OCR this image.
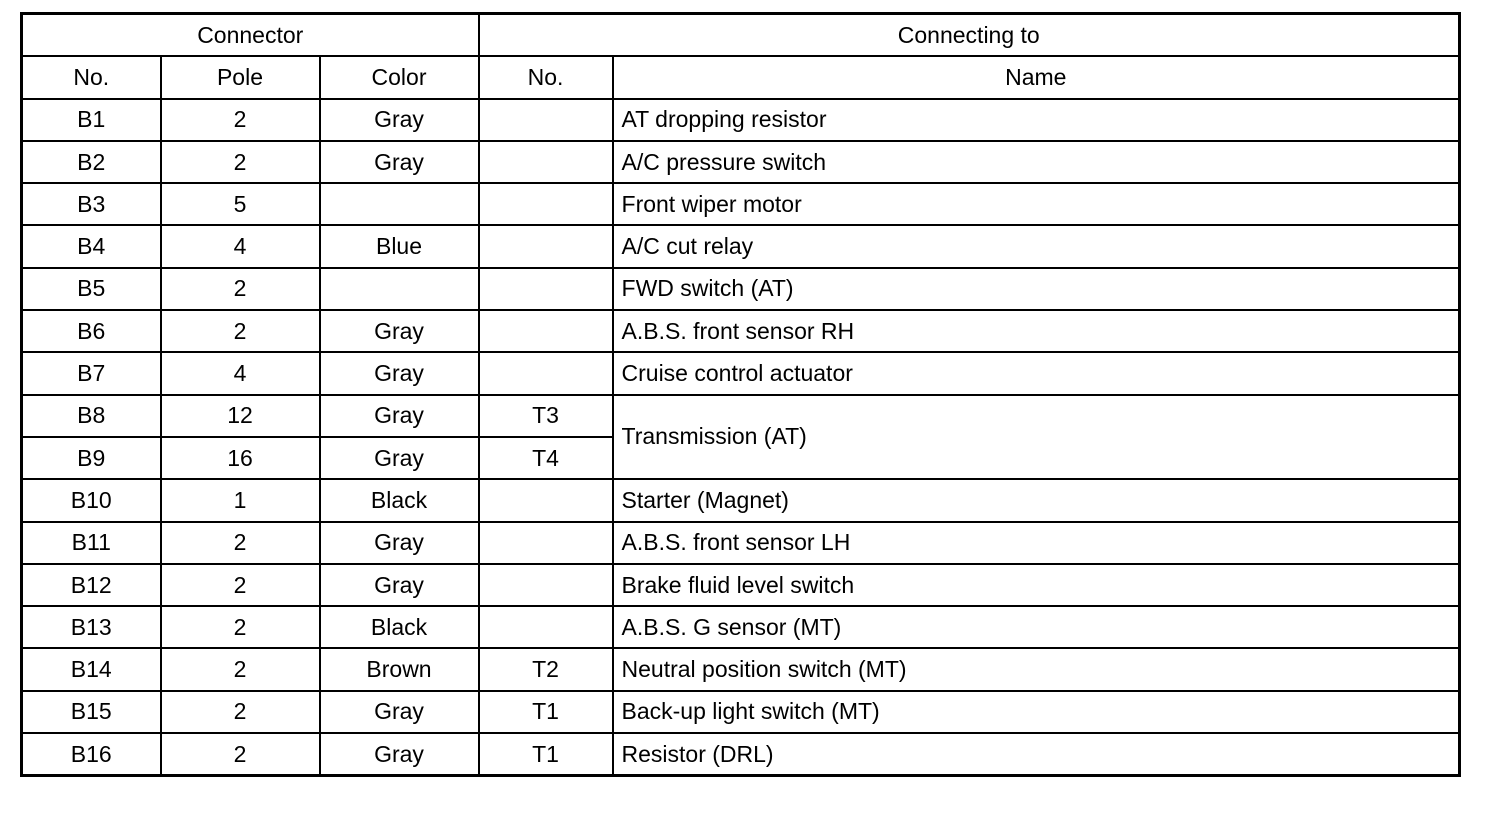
Connector			Connecting to	
No.	Pole	Color	No.	Name
B1	2	Gray		AT dropping resistor
B2	2	Gray		A/C pressure switch
B3	5			Front wiper motor
B4	4	Blue		A/C cut relay
B5	2			FWD switch (AT)
B6	2	Gray		A.B.S. front sensor RH
B7	4	Gray		Cruise control actuator
B8	12	Gray	T3	Transmission (AT)
B9	16	Gray	T4	
B10	1	Black		Starter (Magnet)
B11	2	Gray		A.B.S. front sensor LH
B12	2	Gray		Brake fluid level switch
B13	2	Black		A.B.S. G sensor (MT)
B14	2	Brown	T2	Neutral position switch (MT)
B15	2	Gray	T1	Back-up light switch (MT)
B16	2	Gray	T1	Resistor (DRL)
